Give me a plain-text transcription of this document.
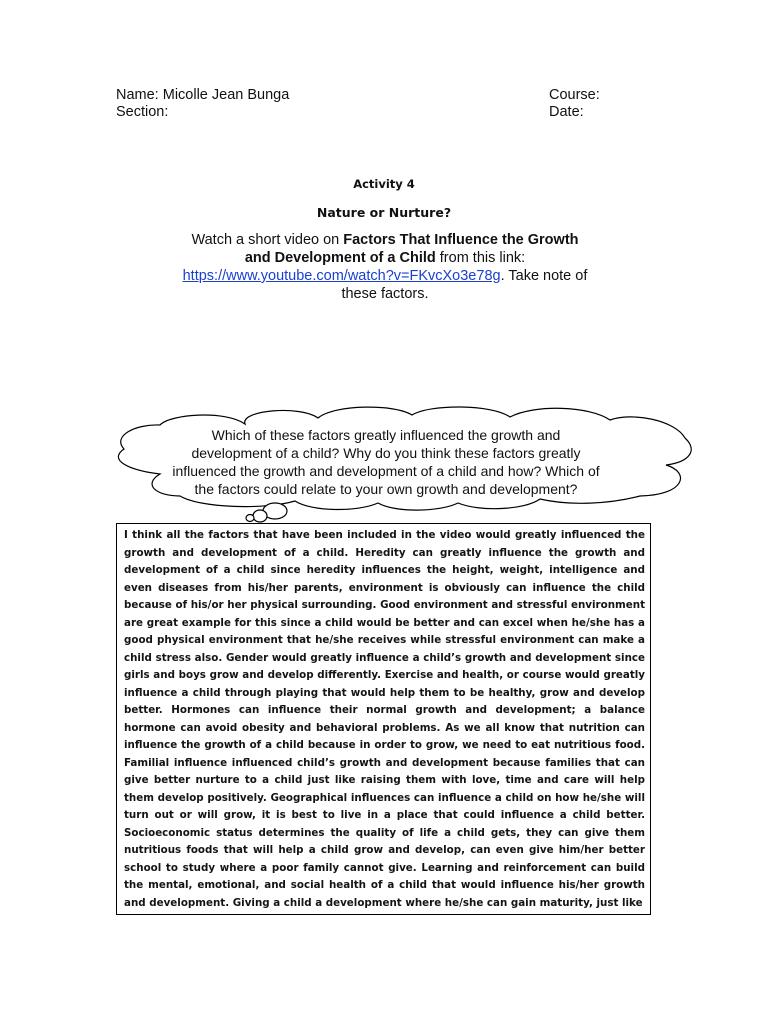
Name: Micolle Jean Bunga
Section:
Course:
Date:
Activity 4
Nature or Nurture?
Watch a short video on Factors That Influence the Growth and Development of a Child from this link: https://www.youtube.com/watch?v=FKvcXo3e78g. Take note of these factors.
Which of these factors greatly influenced the growth and development of a child? Why do you think these factors greatly influenced the growth and development of a child and how? Which of the factors could relate to your own growth and development?

I think all the factors that have been included in the video would greatly influenced the growth and development of a child. Heredity can greatly influence the growth and development of a child since heredity influences the height, weight, intelligence and even diseases from his/her parents, environment is obviously can influence the child because of his/or her physical surrounding. Good environment and stressful environment are great example for this since a child would be better and can excel when he/she has a good physical environment that he/she receives while stressful environment can make a child stress also. Gender would greatly influence a child’s growth and development since girls and boys grow and develop differently. Exercise and health, or course would greatly influence a child through playing that would help them to be healthy, grow and develop better. Hormones can influence their normal growth and development; a balance hormone can avoid obesity and behavioral problems. As we all know that nutrition can influence the growth of a child because in order to grow, we need to eat nutritious food. Familial influence influenced child’s growth and development because families that can give better nurture to a child just like raising them with love, time and care will help them develop positively. Geographical influences can influence a child on how he/she will turn out or will grow, it is best to live in a place that could influence a child better. Socioeconomic status determines the quality of life a child gets, they can give them nutritious foods that will help a child grow and develop, can even give him/her better school to study where a poor family cannot give. Learning and reinforcement can build the mental, emotional, and social health of a child that would influence his/her growth and development. Giving a child a development where he/she can gain maturity, just like
